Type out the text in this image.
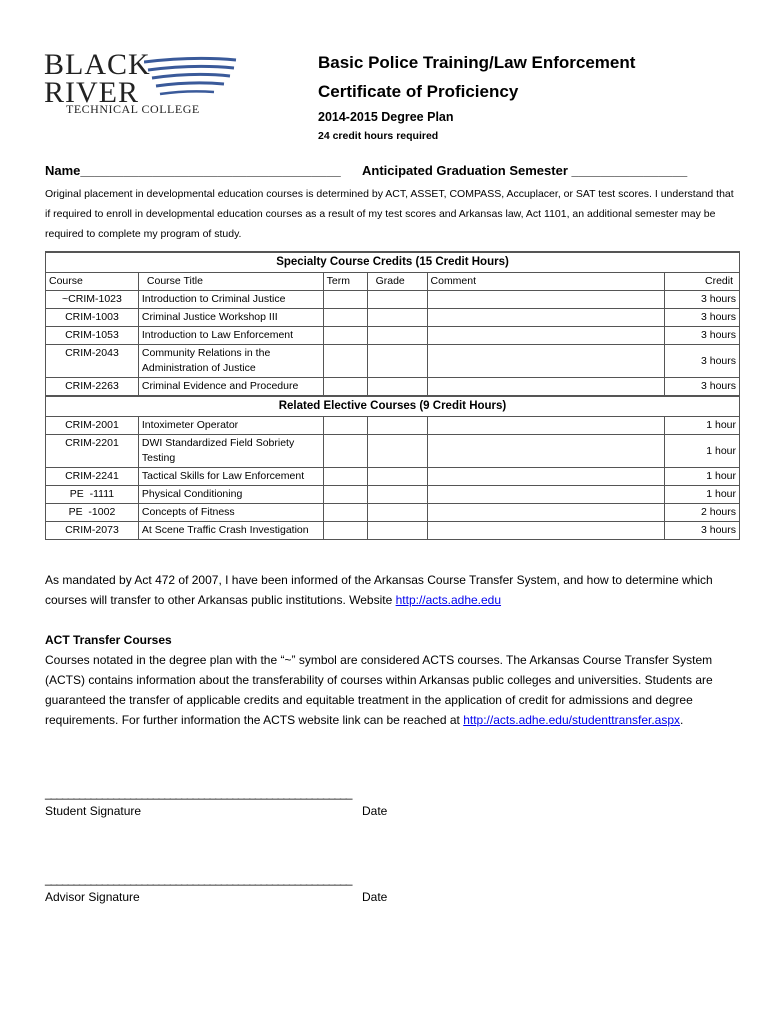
BLACK
RIVER
TECHNICAL COLLEGE
Basic Police Training/Law Enforcement
Certificate of Proficiency
2014-2015 Degree Plan
24 credit hours required
Name____________________________________ Anticipated Graduation Semester ________________
Original placement in developmental education courses is determined by ACT, ASSET, COMPASS, Accuplacer, or SAT test scores. I understand that if required to enroll in developmental education courses as a result of my test scores and Arkansas law, Act 1101, an additional semester may be required to complete my program of study.
Specialty Course Credits (15 Credit Hours)					
Course	Course Title	Term	Grade	Comment	Credit
~CRIM-1023	Introduction to Criminal Justice				3 hours
CRIM-1003	Criminal Justice Workshop III				3 hours
CRIM-1053	Introduction to Law Enforcement				3 hours
CRIM-2043	Community Relations in the Administration of Justice				3 hours
CRIM-2263	Criminal Evidence and Procedure				3 hours
Related Elective Courses (9 Credit Hours)					
CRIM-2001	Intoximeter Operator				1 hour
CRIM-2201	DWI Standardized Field Sobriety Testing				1 hour
CRIM-2241	Tactical Skills for Law Enforcement				1 hour
PE  -1111	Physical Conditioning				1 hour
PE  -1002	Concepts of Fitness				2 hours
CRIM-2073	At Scene Traffic Crash Investigation				3 hours
As mandated by Act 472 of 2007, I have been informed of the Arkansas Course Transfer System, and how to determine which courses will transfer to other Arkansas public institutions. Website http://acts.adhe.edu
ACT Transfer Courses
Courses notated in the degree plan with the “~” symbol are considered ACTS courses. The Arkansas Course Transfer System (ACTS) contains information about the transferability of courses within Arkansas public colleges and universities. Students are guaranteed the transfer of applicable credits and equitable treatment in the application of credit for admissions and degree requirements. For further information the ACTS website link can be reached at http://acts.adhe.edu/studenttransfer.aspx.
______________________________________________________
Student Signature	Date
______________________________________________________
Advisor Signature	Date
